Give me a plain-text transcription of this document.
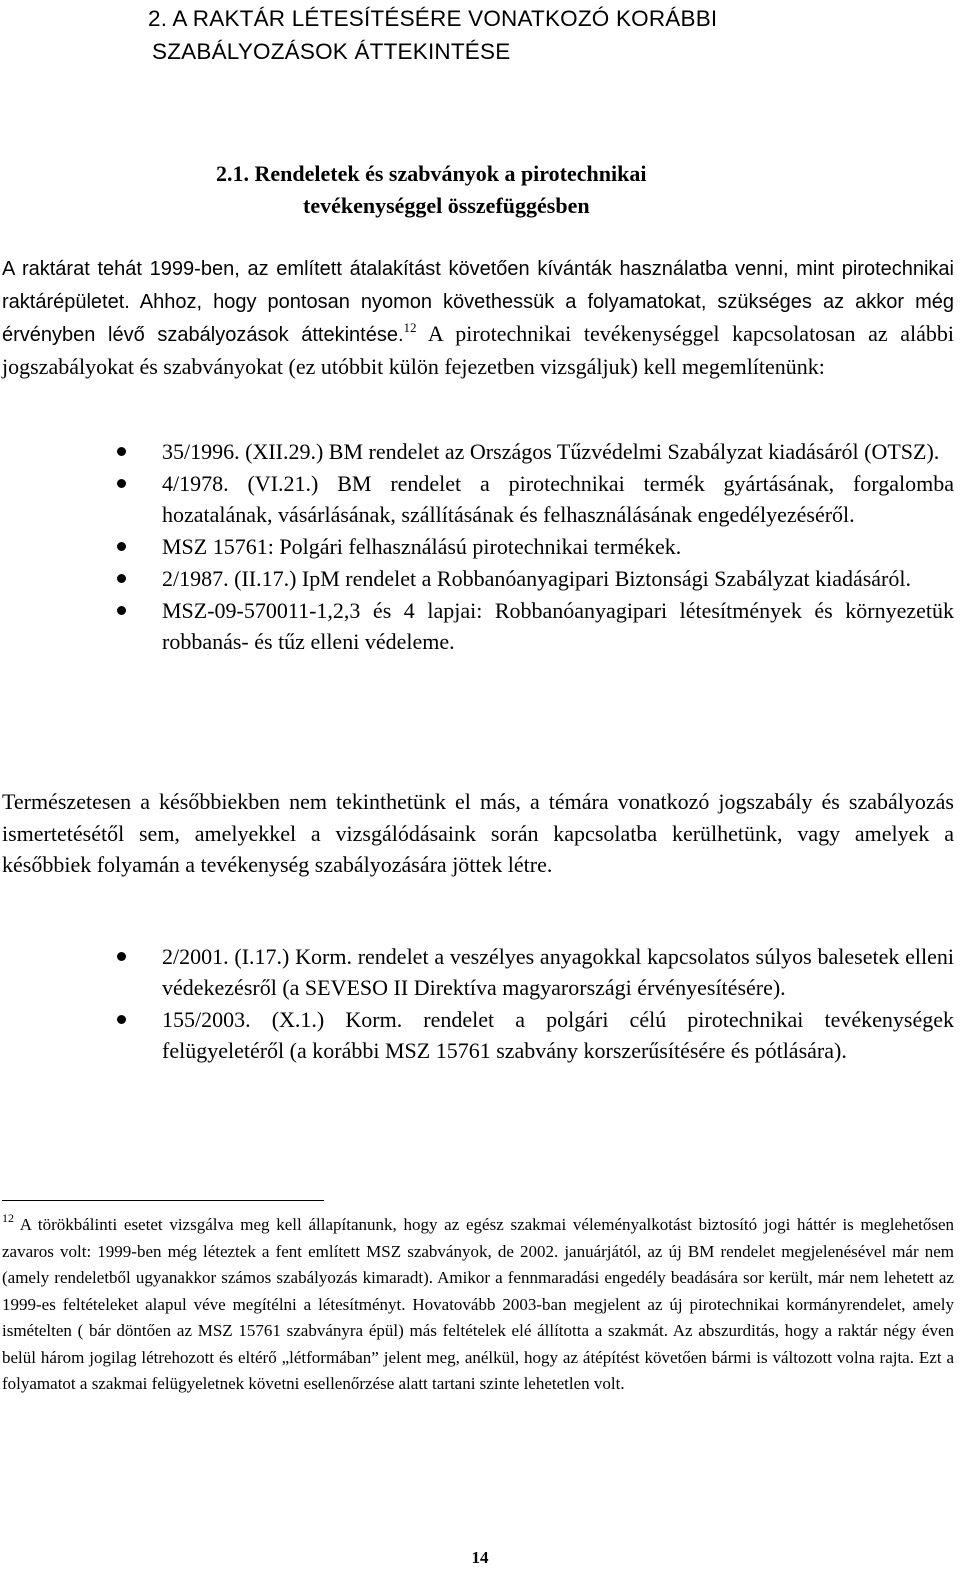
2. A RAKTÁR LÉTESÍTÉSÉRE VONATKOZÓ KORÁBBI
SZABÁLYOZÁSOK ÁTTEKINTÉSE
2.1. Rendeletek és szabványok a pirotechnikai
tevékenységgel összefüggésben
A raktárat tehát 1999-ben, az említett átalakítást követően kívánták használatba venni, mint pirotechnikai raktárépületet. Ahhoz, hogy pontosan nyomon követhessük a folyamatokat, szükséges az akkor még érvényben lévő szabályozások áttekintése.$^{12}$ A pirotechnikai tevékenységgel kapcsolatosan az alábbi jogszabályokat és szabványokat (ez utóbbit külön fejezetben vizsgáljuk) kell megemlítenünk:
35/1996. (XII.29.) BM rendelet az Országos Tűzvédelmi Szabályzat kiadásáról (OTSZ).
4/1978. (VI.21.) BM rendelet a pirotechnikai termék gyártásának, forgalomba hozatalának, vásárlásának, szállításának és felhasználásának engedélyezéséről.
MSZ 15761: Polgári felhasználású pirotechnikai termékek.
2/1987. (II.17.) IpM rendelet a Robbanóanyagipari Biztonsági Szabályzat kiadásáról.
MSZ-09-570011-1,2,3 és 4 lapjai: Robbanóanyagipari létesítmények és környezetük robbanás- és tűz elleni védeleme.
Természetesen a későbbiekben nem tekinthetünk el más, a témára vonatkozó jogszabály és szabályozás ismertetésétől sem, amelyekkel a vizsgálódásaink során kapcsolatba kerülhetünk, vagy amelyek a későbbiek folyamán a tevékenység szabályozására jöttek létre.
2/2001. (I.17.) Korm. rendelet a veszélyes anyagokkal kapcsolatos súlyos balesetek elleni védekezésről (a SEVESO II Direktíva magyarországi érvényesítésére).
155/2003. (X.1.) Korm. rendelet a polgári célú pirotechnikai tevékenységek felügyeletéről (a korábbi MSZ 15761 szabvány korszerűsítésére és pótlására).
$^{12}$ A törökbálinti esetet vizsgálva meg kell állapítanunk, hogy az egész szakmai véleményalkotást biztosító jogi háttér is meglehetősen zavaros volt: 1999-ben még léteztek a fent említett MSZ szabványok, de 2002. januárjától, az új BM rendelet megjelenésével már nem (amely rendeletből ugyanakkor számos szabályozás kimaradt). Amikor a fennmaradási engedély beadására sor került, már nem lehetett az 1999-es feltételeket alapul véve megítélni a létesítményt. Hovatovább 2003-ban megjelent az új pirotechnikai kormányrendelet, amely ismételten ( bár döntően az MSZ 15761 szabványra épül) más feltételek elé állította a szakmát. Az abszurditás, hogy a raktár négy éven belül három jogilag létrehozott és eltérő „létformában” jelent meg, anélkül, hogy az átépítést követően bármi is változott volna rajta. Ezt a folyamatot a szakmai felügyeletnek követni esellenőrzése alatt tartani szinte lehetetlen volt.
14
